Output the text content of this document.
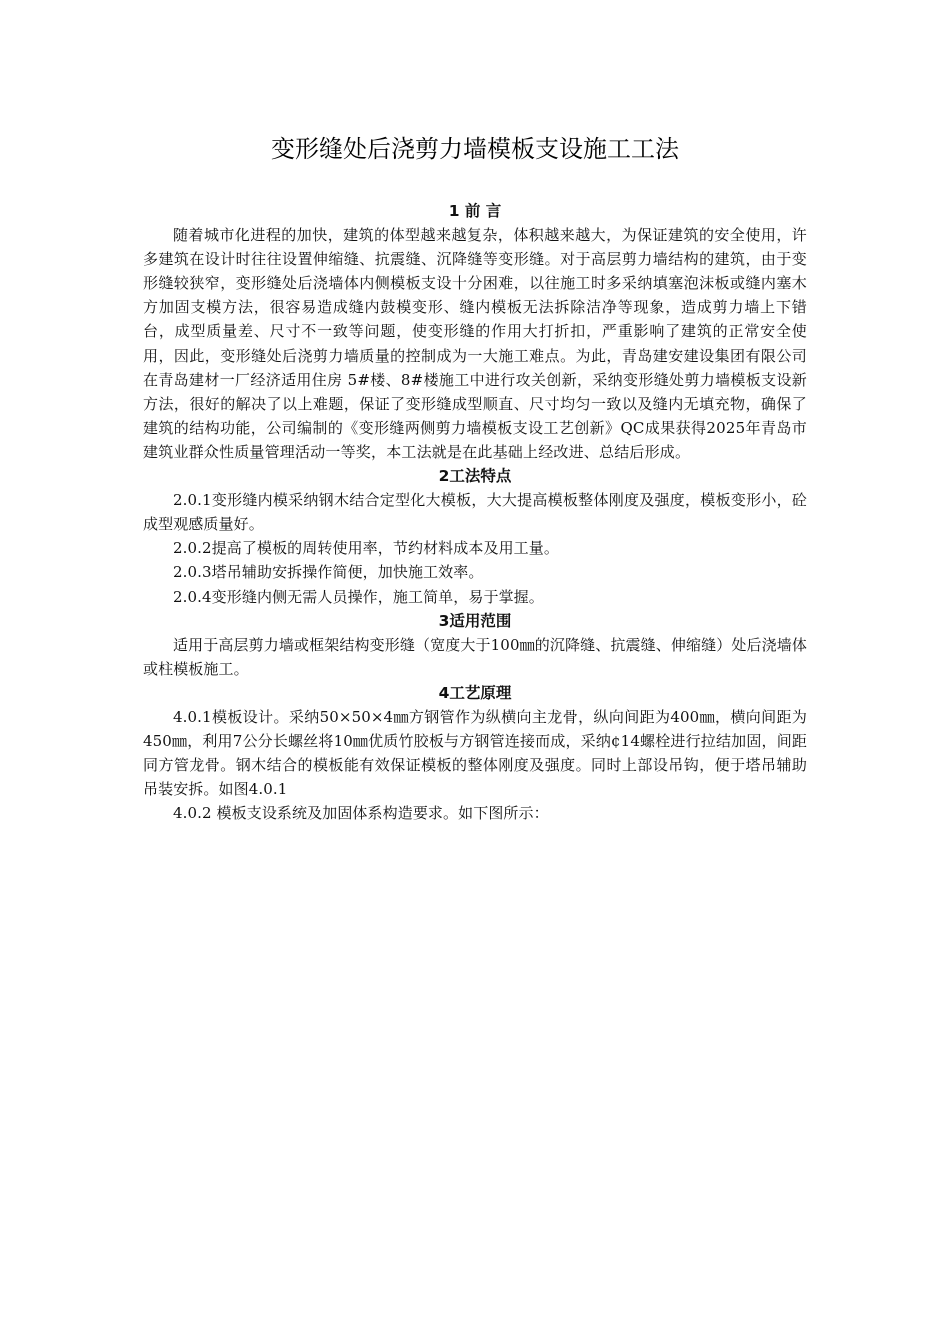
变形缝处后浇剪力墙模板支设施工工法
1 前 言

随着城市化进程的加快，建筑的体型越来越复杂，体积越来越大，为保证建筑的安全使用，许多建筑在设计时往往设置伸缩缝、抗震缝、沉降缝等变形缝。对于高层剪力墙结构的建筑，由于变形缝较狭窄，变形缝处后浇墙体内侧模板支设十分困难，以往施工时多采纳填塞泡沫板或缝内塞木方加固支模方法，很容易造成缝内鼓模变形、缝内模板无法拆除洁净等现象，造成剪力墙上下错台，成型质量差、尺寸不一致等问题，使变形缝的作用大打折扣，严重影响了建筑的正常安全使用，因此，变形缝处后浇剪力墙质量的控制成为一大施工难点。为此，青岛建安建设集团有限公司在青岛建材一厂经济适用住房 5#楼、8#楼施工中进行攻关创新，采纳变形缝处剪力墙模板支设新方法，很好的解决了以上难题，保证了变形缝成型顺直、尺寸均匀一致以及缝内无填充物，确保了建筑的结构功能，公司编制的《变形缝两侧剪力墙模板支设工艺创新》QC成果获得2025年青岛市建筑业群众性质量管理活动一等奖，本工法就是在此基础上经改进、总结后形成。

2工法特点

2.0.1变形缝内模采纳钢木结合定型化大模板，大大提高模板整体刚度及强度，模板变形小，砼成型观感质量好。

2.0.2提高了模板的周转使用率，节约材料成本及用工量。

2.0.3塔吊辅助安拆操作简便，加快施工效率。

2.0.4变形缝内侧无需人员操作，施工简单，易于掌握。

3适用范围

适用于高层剪力墙或框架结构变形缝（宽度大于100㎜的沉降缝、抗震缝、伸缩缝）处后浇墙体或柱模板施工。

4工艺原理

4.0.1模板设计。采纳50×50×4㎜方钢管作为纵横向主龙骨，纵向间距为400㎜，横向间距为450㎜，利用7公分长螺丝将10㎜优质竹胶板与方钢管连接而成，采纳¢14螺栓进行拉结加固，间距同方管龙骨。钢木结合的模板能有效保证模板的整体刚度及强度。同时上部设吊钩，便于塔吊辅助吊装安拆。如图4.0.1

4.0.2 模板支设系统及加固体系构造要求。如下图所示：
